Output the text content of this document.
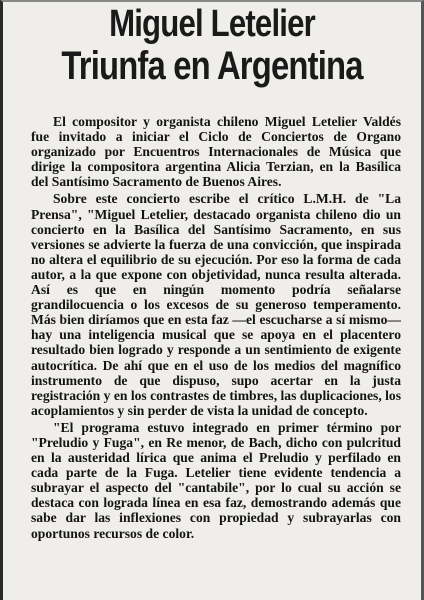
Miguel Letelier
Triunfa en Argentina

El compositor y organista chileno Miguel Letelier Valdés fue invitado a iniciar el Ciclo de Conciertos de Organo organizado por Encuentros Internacionales de Música que dirige la compositora argentina Alicia Terzian, en la Basílica del Santísimo Sacramento de Buenos Aires.

Sobre este concierto escribe el crítico L.M.H. de "La Prensa", "Miguel Letelier, destacado organista chileno dio un concierto en la Basílica del Santísimo Sacramento, en sus versiones se advierte la fuerza de una convicción, que inspirada no altera el equilibrio de su ejecución. Por eso la forma de cada autor, a la que expone con objetividad, nunca resulta alterada. Así es que en ningún momento podría señalarse grandilocuencia o los excesos de su generoso temperamento. Más bien diríamos que en esta faz —el escucharse a sí mismo— hay una inteligencia musical que se apoya en el placentero resultado bien logrado y responde a un sentimiento de exigente autocrítica. De ahí que en el uso de los medios del magnífico instrumento de que dispuso, supo acertar en la justa registración y en los contrastes de timbres, las duplicaciones, los acoplamientos y sin perder de vista la unidad de concepto.

"El programa estuvo integrado en primer término por "Preludio y Fuga", en Re menor, de Bach, dicho con pulcritud en la austeridad lírica que anima el Preludio y perfilado en cada parte de la Fuga. Letelier tiene evidente tendencia a subrayar el aspecto del "cantabile", por lo cual su acción se destaca con lograda línea en esa faz, demostrando además que sabe dar las inflexiones con propiedad y subrayarlas con oportunos recursos de color.
